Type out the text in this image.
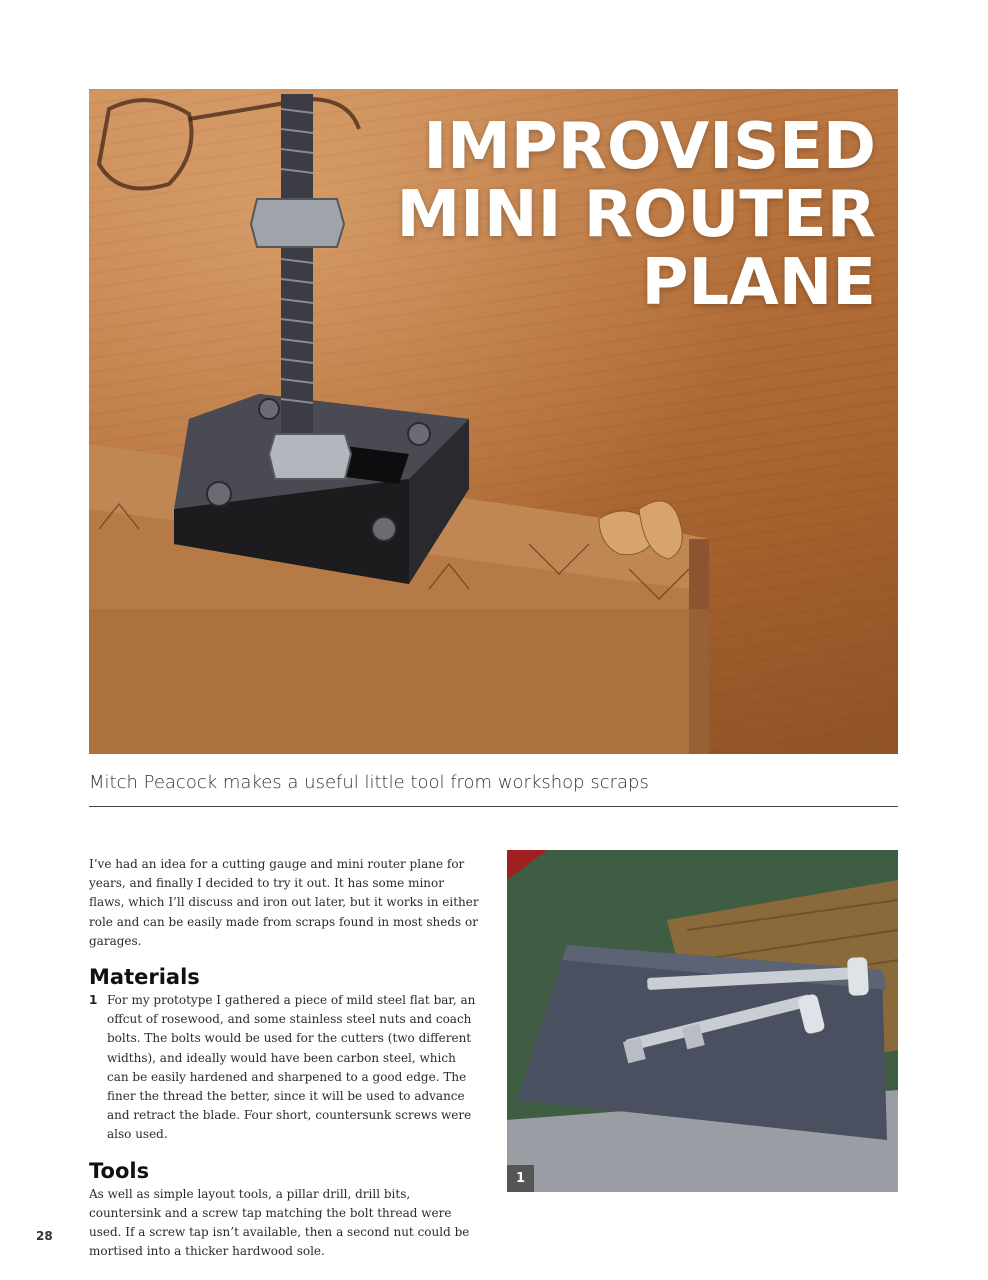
IMPROVISED
MINI ROUTER
PLANE

Mitch Peacock makes a useful little tool from workshop scraps

I’ve had an idea for a cutting gauge and mini router plane for years, and finally I decided to try it out. It has some minor flaws, which I’ll discuss and iron out later, but it works in either role and can be easily made from scraps found in most sheds or garages.

Materials
1 For my prototype I gathered a piece of mild steel flat bar, an offcut of rosewood, and some stainless steel nuts and coach bolts. The bolts would be used for the cutters (two different widths), and ideally would have been carbon steel, which can be easily hardened and sharpened to a good edge. The finer the thread the better, since it will be used to advance and retract the blade. Four short, countersunk screws were also used.

Tools

As well as simple layout tools, a pillar drill, drill bits, countersink and a screw tap matching the bolt thread were used. If a screw tap isn’t available, then a second nut could be mortised into a thicker hardwood sole.

1
28
